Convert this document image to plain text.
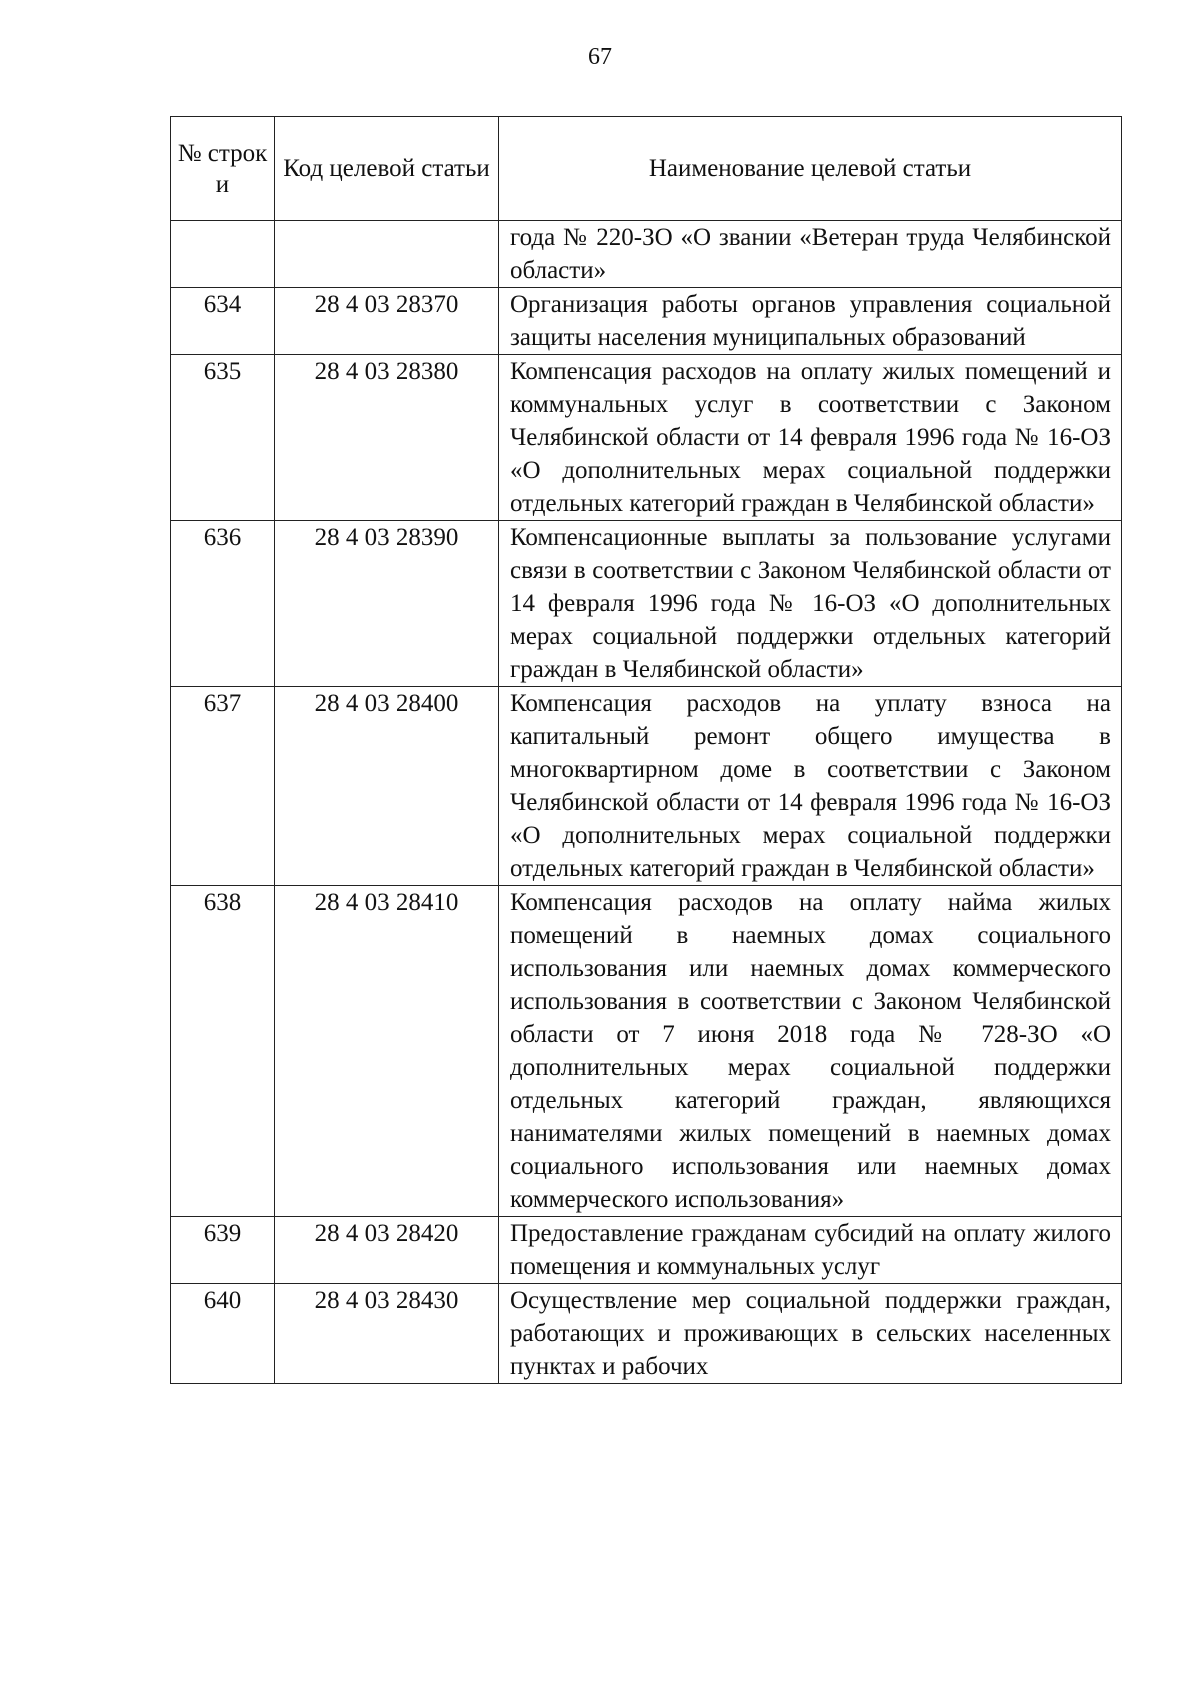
67
№ строк и	Код целевой статьи	Наименование целевой статьи
		года № 220-ЗО «О звании «Ветеран труда Челябинской области»
634	28 4 03 28370	Организация работы органов управления социальной защиты населения муниципальных образований
635	28 4 03 28380	Компенсация расходов на оплату жилых помещений и коммунальных услуг в соответствии с Законом Челябинской области от 14 февраля 1996 года № 16-ОЗ «О дополнительных мерах социальной поддержки отдельных категорий граждан в Челябинской области»
636	28 4 03 28390	Компенсационные выплаты за пользование услугами связи в соответствии с Законом Челябинской области от 14 февраля 1996 года № 16-ОЗ «О дополнительных мерах социальной поддержки отдельных категорий граждан в Челябинской области»
637	28 4 03 28400	Компенсация расходов на уплату взноса на капитальный ремонт общего имущества в многоквартирном доме в соответствии с Законом Челябинской области от 14 февраля 1996 года № 16-ОЗ «О дополнительных мерах социальной поддержки отдельных категорий граждан в Челябинской области»
638	28 4 03 28410	Компенсация расходов на оплату найма жилых помещений в наемных домах социального использования или наемных домах коммерческого использования в соответствии с Законом Челябинской области от 7 июня 2018 года № 728-ЗО «О дополнительных мерах социальной поддержки отдельных категорий граждан, являющихся нанимателями жилых помещений в наемных домах социального использования или наемных домах коммерческого использования»
639	28 4 03 28420	Предоставление гражданам субсидий на оплату жилого помещения и коммунальных услуг
640	28 4 03 28430	Осуществление мер социальной поддержки граждан, работающих и проживающих в сельских населенных пунктах и рабочих
